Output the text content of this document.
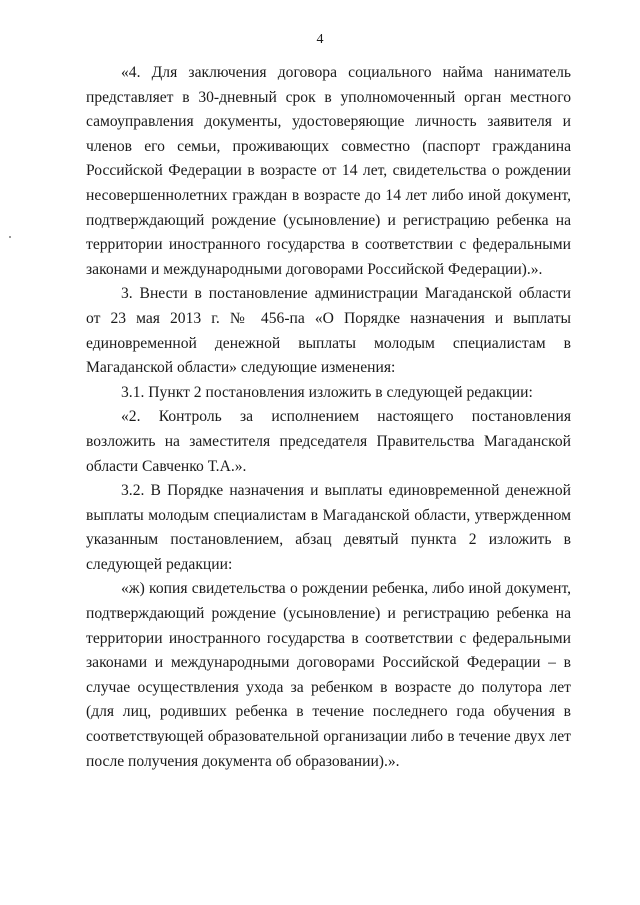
4

«4. Для заключения договора социального найма наниматель представляет в 30-дневный срок в уполномоченный орган местного самоуправления документы, удостоверяющие личность заявителя и членов его семьи, проживающих совместно (паспорт гражданина Российской Федерации в возрасте от 14 лет, свидетельства о рождении несовершеннолетних граждан в возрасте до 14 лет либо иной документ, подтверждающий рождение (усыновление) и регистрацию ребенка на территории иностранного государства в соответствии с федеральными законами и международными договорами Российской Федерации).».

3. Внести в постановление администрации Магаданской области от 23 мая 2013 г. № 456-па «О Порядке назначения и выплаты единовременной денежной выплаты молодым специалистам в Магаданской области» следующие изменения:

3.1. Пункт 2 постановления изложить в следующей редакции:

«2. Контроль за исполнением настоящего постановления возложить на заместителя председателя Правительства Магаданской области Савченко Т.А.».

3.2. В Порядке назначения и выплаты единовременной денежной выплаты молодым специалистам в Магаданской области, утвержденном указанным постановлением, абзац девятый пункта 2 изложить в следующей редакции:

«ж) копия свидетельства о рождении ребенка, либо иной документ, подтверждающий рождение (усыновление) и регистрацию ребенка на территории иностранного государства в соответствии с федеральными законами и международными договорами Российской Федерации – в случае осуществления ухода за ребенком в возрасте до полутора лет (для лиц, родивших ребенка в течение последнего года обучения в соответствующей образовательной организации либо в течение двух лет после получения документа об образовании).».
